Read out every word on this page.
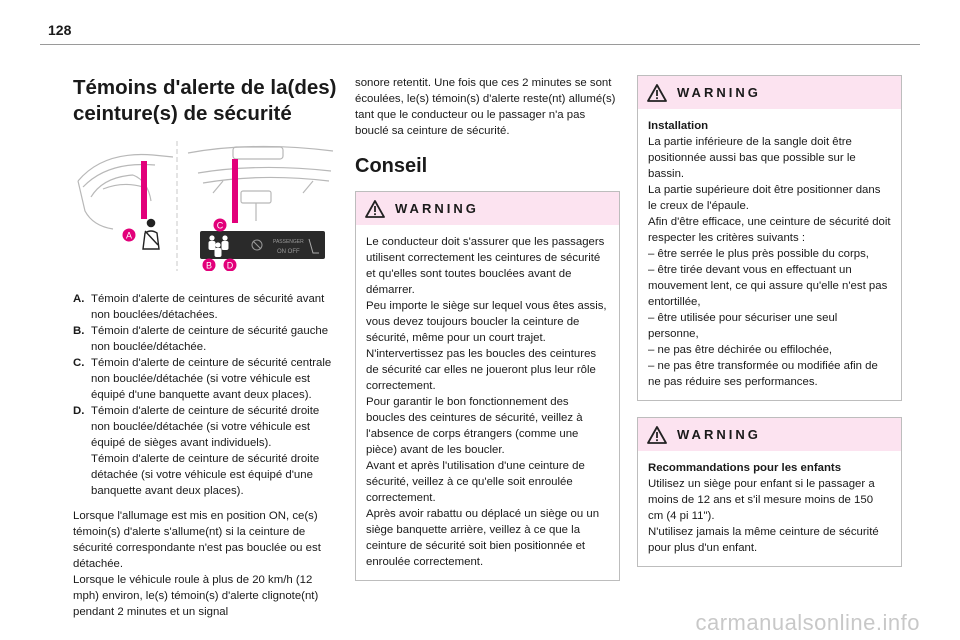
128
Témoins d'alerte de la(des)
ceinture(s) de sécurité
PASSENGER
ON OFF
A
C
B D
A. Témoin d'alerte de ceintures de sécurité avant non bouclées/détachées.
B. Témoin d'alerte de ceinture de sécurité gauche non bouclée/détachée.
C. Témoin d'alerte de ceinture de sécurité centrale non bouclée/détachée (si votre véhicule est équipé d'une banquette avant deux places).
D. Témoin d'alerte de ceinture de sécurité droite non bouclée/détachée (si votre véhicule est équipé de sièges avant individuels).
Témoin d'alerte de ceinture de sécurité droite détachée (si votre véhicule est équipé d'une banquette avant deux places).

Lorsque l'allumage est mis en position ON, ce(s) témoin(s) d'alerte s'allume(nt) si la ceinture de sécurité correspondante n'est pas bouclée ou est détachée.

Lorsque le véhicule roule à plus de 20 km/h (12 mph) environ, le(s) témoin(s) d'alerte clignote(nt) pendant 2 minutes et un signal

sonore retentit. Une fois que ces 2 minutes se sont écoulées, le(s) témoin(s) d'alerte reste(nt) allumé(s) tant que le conducteur ou le passager n'a pas bouclé sa ceinture de sécurité.

Conseil
WARNING

Le conducteur doit s'assurer que les passagers utilisent correctement les ceintures de sécurité et qu'elles sont toutes bouclées avant de démarrer.

Peu importe le siège sur lequel vous êtes assis, vous devez toujours boucler la ceinture de sécurité, même pour un court trajet.

N'intervertissez pas les boucles des ceintures de sécurité car elles ne joueront plus leur rôle correctement.

Pour garantir le bon fonctionnement des boucles des ceintures de sécurité, veillez à l'absence de corps étrangers (comme une pièce) avant de les boucler.

Avant et après l'utilisation d'une ceinture de sécurité, veillez à ce qu'elle soit enroulée correctement.

Après avoir rabattu ou déplacé un siège ou un siège banquette arrière, veillez à ce que la ceinture de sécurité soit bien positionnée et enroulée correctement.

WARNING

Installation

La partie inférieure de la sangle doit être positionnée aussi bas que possible sur le bassin.

La partie supérieure doit être positionner dans le creux de l'épaule.

Afin d'être efficace, une ceinture de sécurité doit respecter les critères suivants :

– être serrée le plus près possible du corps,

– être tirée devant vous en effectuant un mouvement lent, ce qui assure qu'elle n'est pas entortillée,

– être utilisée pour sécuriser une seul personne,

– ne pas être déchirée ou effilochée,

– ne pas être transformée ou modifiée afin de ne pas réduire ses performances.

WARNING

Recommandations pour les enfants

Utilisez un siège pour enfant si le passager a moins de 12 ans et s'il mesure moins de 150 cm (4 pi 11").

N'utilisez jamais la même ceinture de sécurité pour plus d'un enfant.

carmanualsonline.info
